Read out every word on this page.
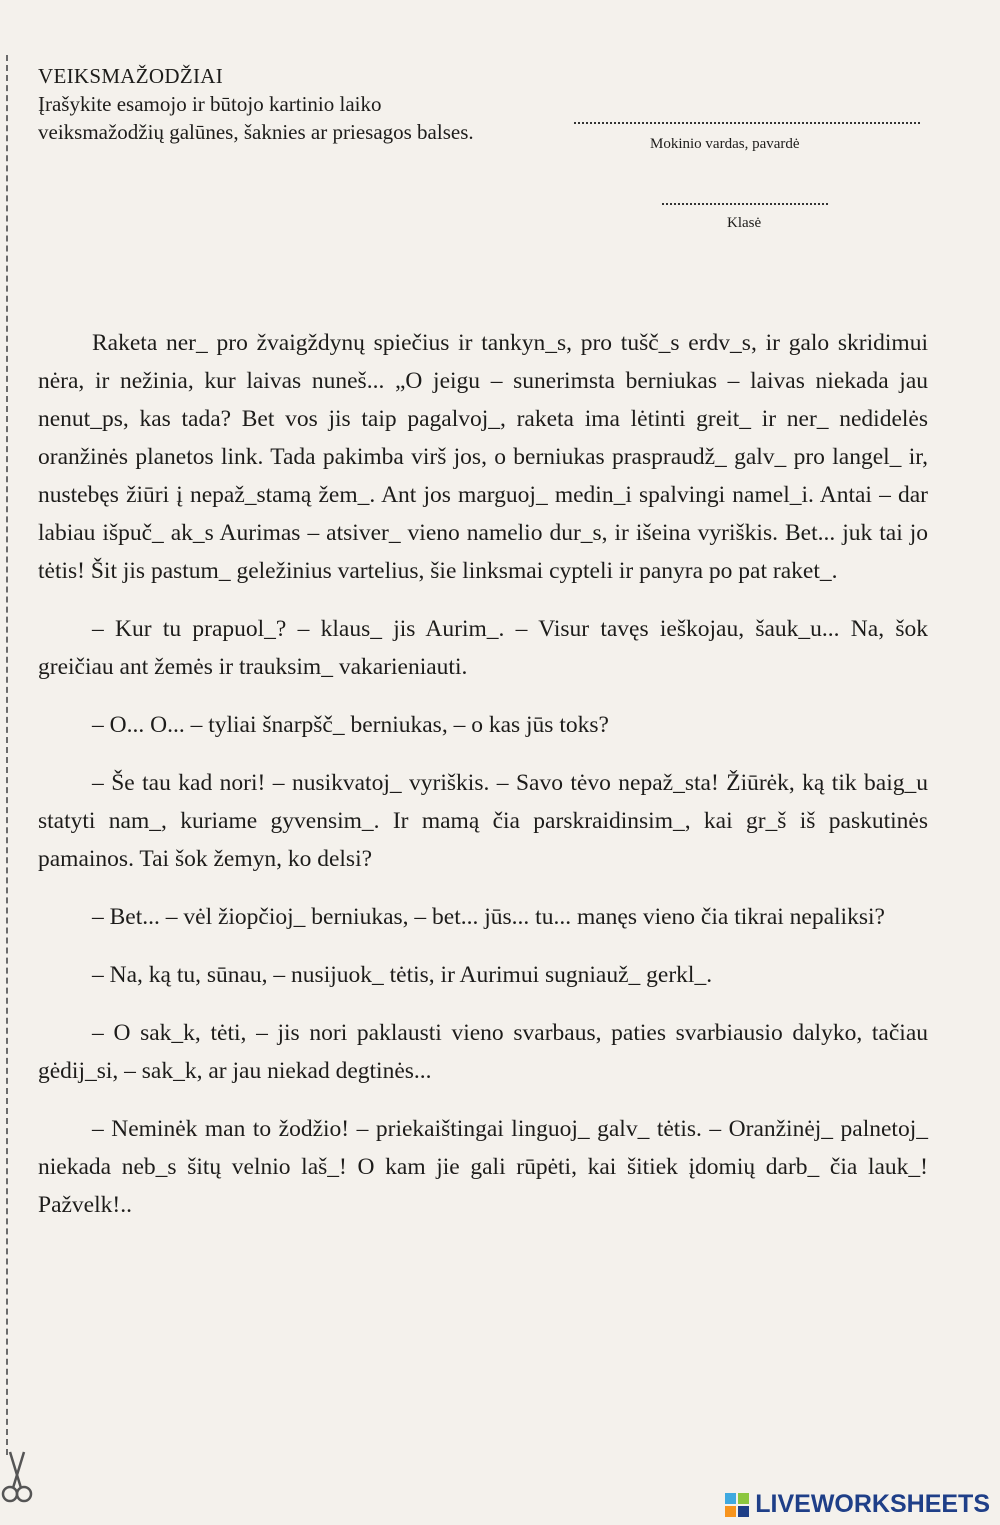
VEIKSMAŽODŽIAI
Įrašykite esamojo ir būtojo kartinio laiko veiksmažodžių galūnes, šaknies ar priesagos balses.	Mokinio vardas, pavardė
Klasė

Raketa ner_ pro žvaigždynų spiečius ir tankyn_s, pro tušč_s erdv_s, ir galo skridimui nėra, ir nežinia, kur laivas nuneš... „O jeigu – sunerimsta berniukas – laivas niekada jau nenut_ps, kas tada? Bet vos jis taip pagalvoj_, raketa ima lėtinti greit_ ir ner_ nedidelės oranžinės planetos link. Tada pakimba virš jos, o berniukas praspraudž_ galv_ pro langel_ ir, nustebęs žiūri į nepaž_stamą žem_. Ant jos marguoj_ medin_i spalvingi namel_i. Antai – dar labiau išpuč_ ak_s Aurimas – atsiver_ vieno namelio dur_s, ir išeina vyriškis. Bet... juk tai jo tėtis! Šit jis pastum_ geležinius vartelius, šie linksmai cypteli ir panyra po pat raket_.

– Kur tu prapuol_? – klaus_ jis Aurim_. – Visur tavęs ieškojau, šauk_u... Na, šok greičiau ant žemės ir trauksim_ vakarieniauti.

– O... O... – tyliai šnarpšč_ berniukas, – o kas jūs toks?

– Še tau kad nori! – nusikvatoj_ vyriškis. – Savo tėvo nepaž_sta! Žiūrėk, ką tik baig_u statyti nam_, kuriame gyvensim_. Ir mamą čia parskraidinsim_, kai gr_š iš paskutinės pamainos. Tai šok žemyn, ko delsi?

– Bet... – vėl žiopčioj_ berniukas, – bet... jūs... tu... manęs vieno čia tikrai nepaliksi?

– Na, ką tu, sūnau, – nusijuok_ tėtis, ir Aurimui sugniauž_ gerkl_.

– O sak_k, tėti, – jis nori paklausti vieno svarbaus, paties svarbiausio dalyko, tačiau gėdij_si, – sak_k, ar jau niekad degtinės...

– Neminėk man to žodžio! – priekaištingai linguoj_ galv_ tėtis. – Oranžinėj_ palnetoj_ niekada neb_s šitų velnio laš_! O kam jie gali rūpėti, kai šitiek įdomių darb_ čia lauk_! Pažvelk!..

LIVEWORKSHEETS
